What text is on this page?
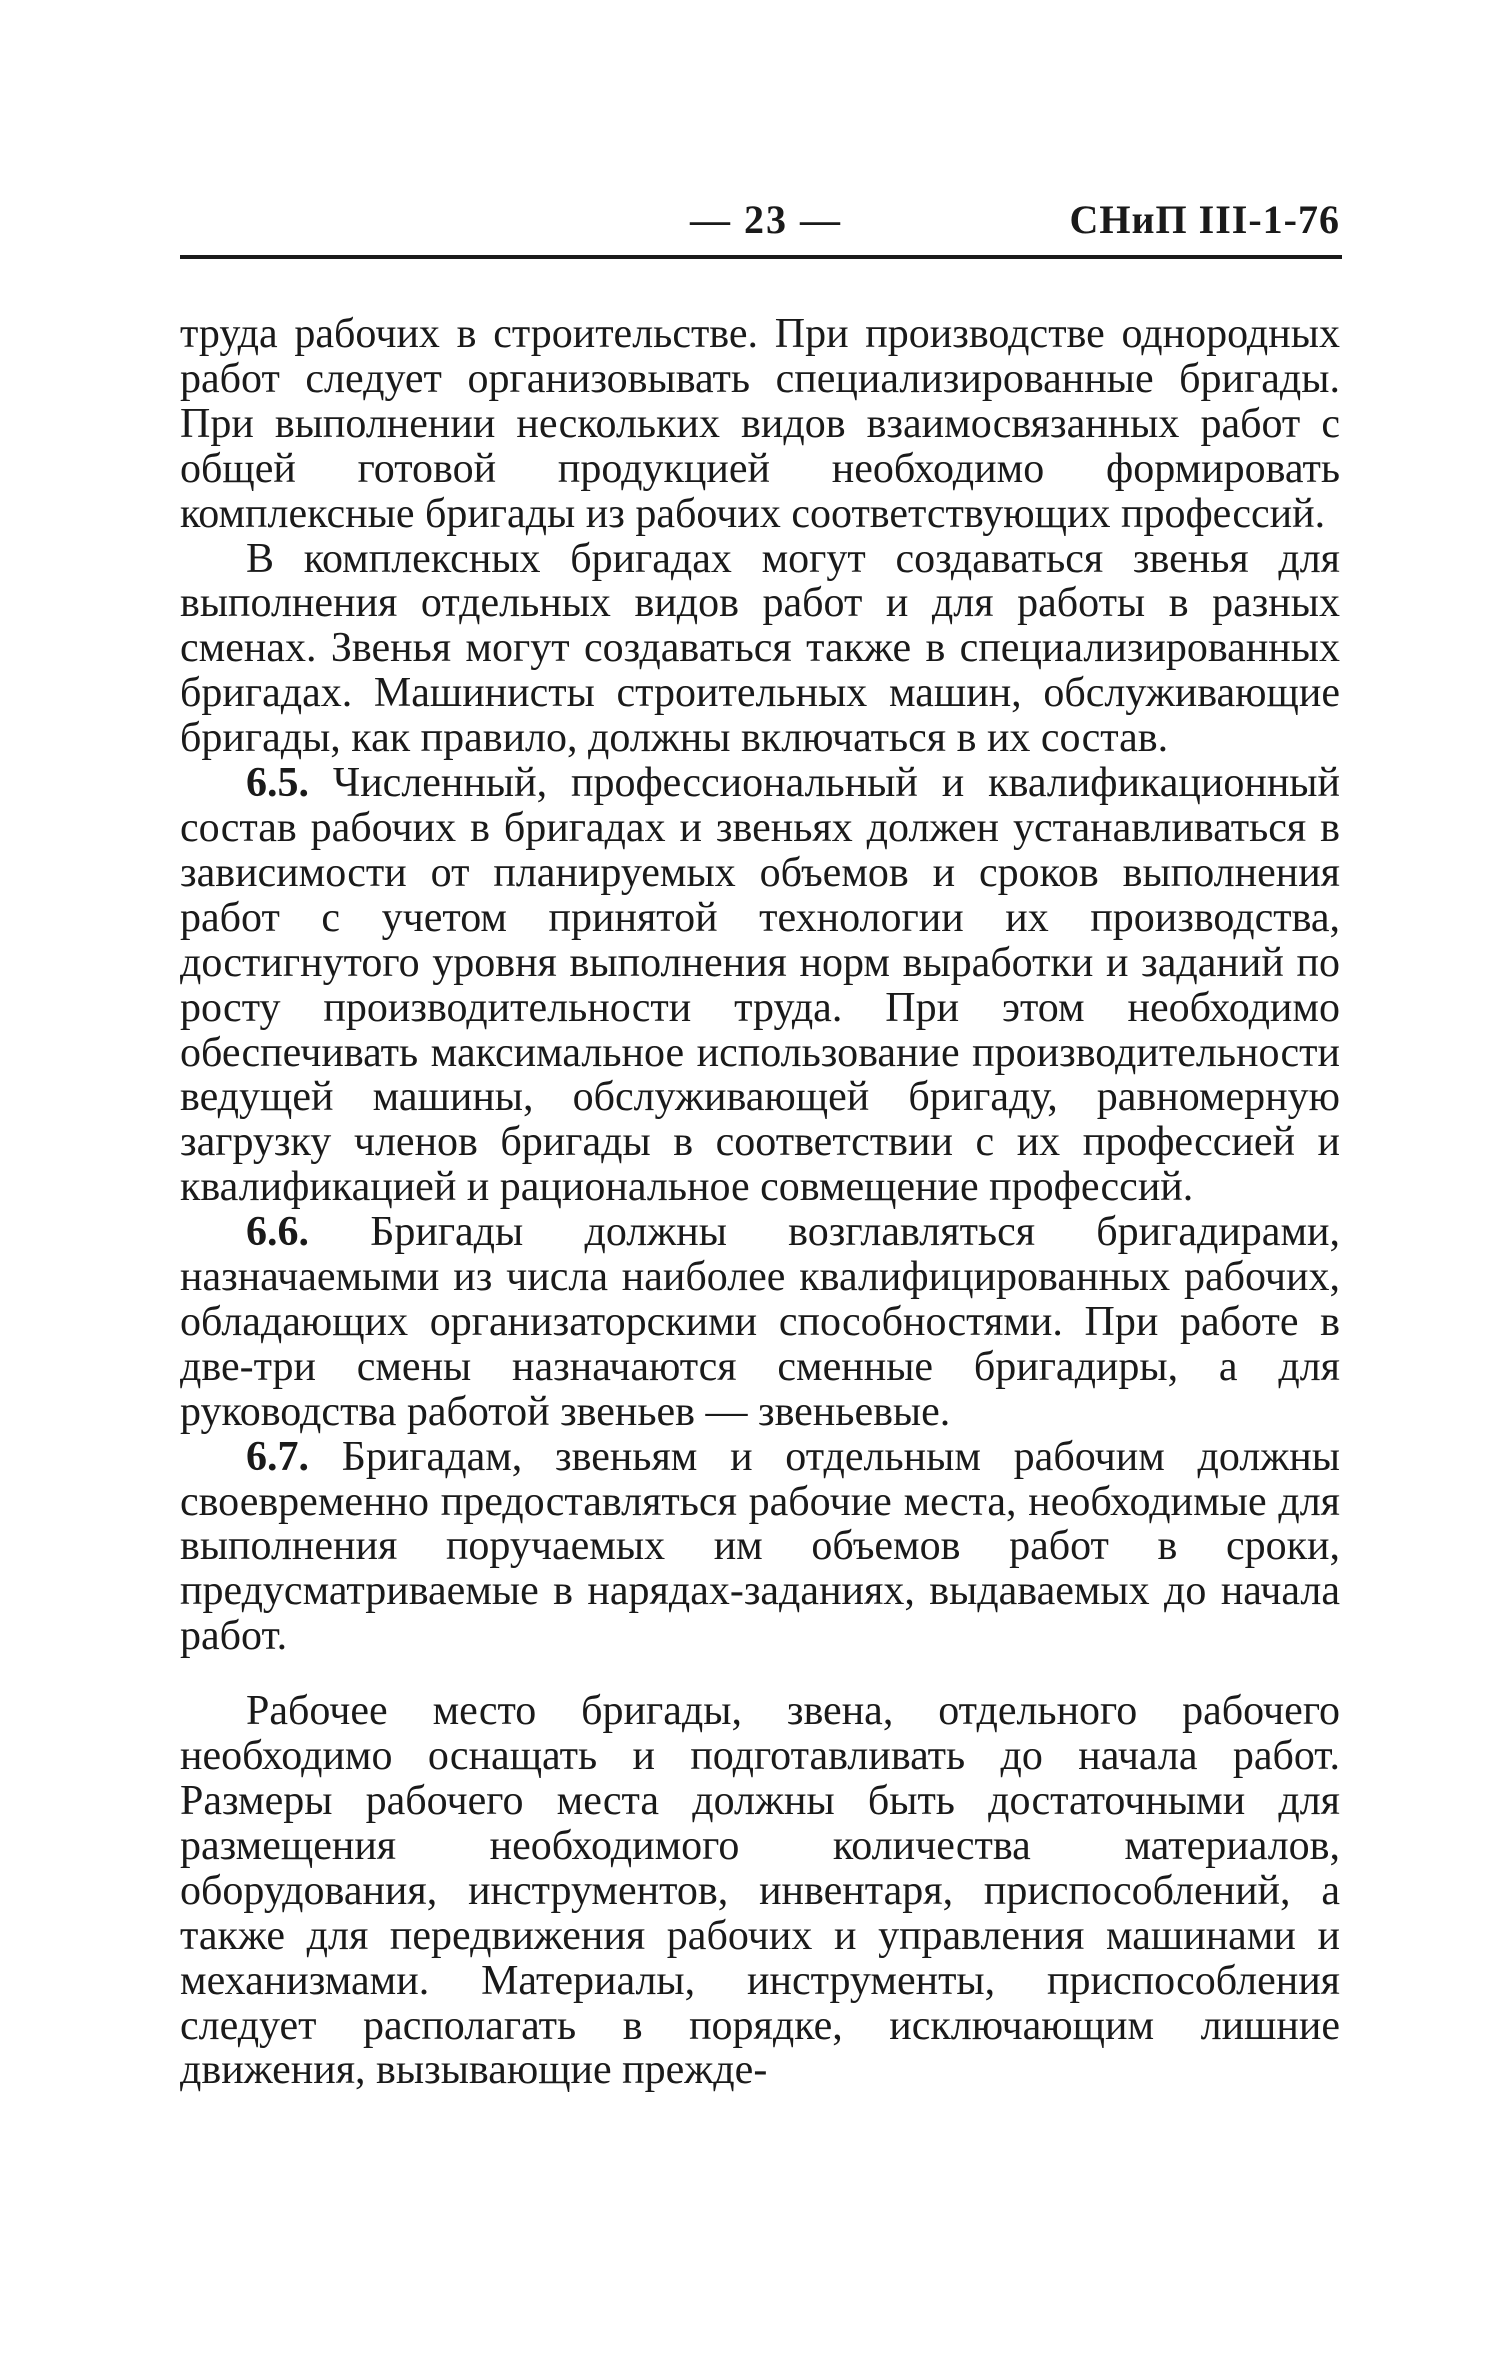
— 23 —	СНиП III-1-76

труда рабочих в строительстве. При производстве однородных работ следует организовывать специализированные бригады. При выполнении нескольких видов взаимосвязанных работ с общей готовой продукцией необходимо формировать комплексные бригады из рабочих соответствующих профессий.

В комплексных бригадах могут создаваться звенья для выполнения отдельных видов работ и для работы в разных сменах. Звенья могут создаваться также в специализированных бригадах. Машинисты строительных машин, обслуживающие бригады, как правило, должны включаться в их состав.

6.5. Численный, профессиональный и квалификационный состав рабочих в бригадах и звеньях должен устанавливаться в зависимости от планируемых объемов и сроков выполнения работ с учетом принятой технологии их производства, достигнутого уровня выполнения норм выработки и заданий по росту производительности труда. При этом необходимо обеспечивать максимальное использование производительности ведущей машины, обслуживающей бригаду, равномерную загрузку членов бригады в соответствии с их профессией и квалификацией и рациональное совмещение профессий.

6.6. Бригады должны возглавляться бригадирами, назначаемыми из числа наиболее квалифицированных рабочих, обладающих организаторскими способностями. При работе в две-три смены назначаются сменные бригадиры, а для руководства работой звеньев — звеньевые.

6.7. Бригадам, звеньям и отдельным рабочим должны своевременно предоставляться рабочие места, необходимые для выполнения поручаемых им объемов работ в сроки, предусматриваемые в нарядах-заданиях, выдаваемых до начала работ.

Рабочее место бригады, звена, отдельного рабочего необходимо оснащать и подготавливать до начала работ. Размеры рабочего места должны быть достаточными для размещения необходимого количества материалов, оборудования, инструментов, инвентаря, приспособлений, а также для передвижения рабочих и управления машинами и механизмами. Материалы, инструменты, приспособления следует располагать в порядке, исключающим лишние движения, вызывающие прежде-
